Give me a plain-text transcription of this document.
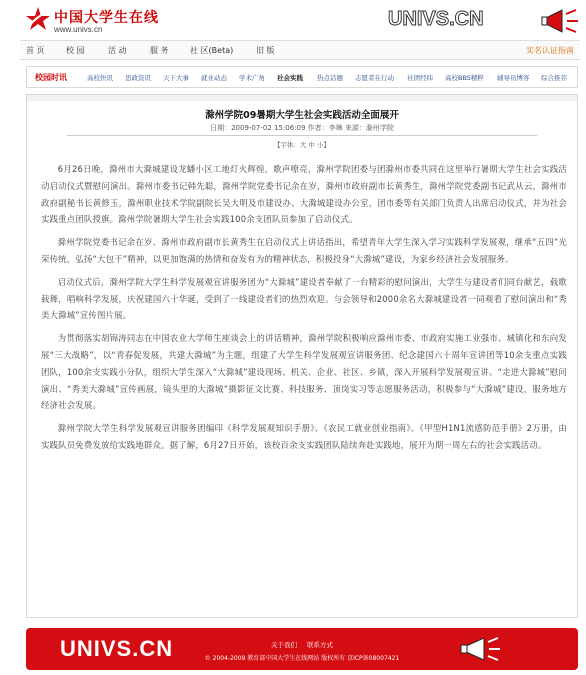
中国大学生在线
www.univs.cn	UNIVS.CN
首 页	校 园	活 动	服 务	社 区(Beta)	旧 版	实名认证指南
校园时讯	高校快讯 思政资讯 天下大事 就业动态 学术广角 社会实践 热点话题 志愿者在行动 社团经纬 高校BBS精粹 辅导员博客 综合推荐
滁州学院09暑期大学生社会实践活动全面展开
日期：2009-07-02 15:06:09 作者：李琳 来源：滁州学院
【字体：大 中 小】

6月26日晚，滁州市大滁城建设龙蟠小区工地灯火辉煌，歌声嘹亮，滁州学院团委与团滁州市委共同在这里举行暑期大学生社会实践活动启动仪式暨慰问演出。滁州市委书记韩先聪，滁州学院党委书记余在岁，滁州市政府副市长黄秀生，滁州学院党委副书记武从云，滁州市政府副秘书长黄修玉，滁州职业技术学院副院长吴大明及市建设办、大滁城建设办公室，团市委等有关部门负责人出席启动仪式，并为社会实践重点团队授旗。滁州学院暑期大学生社会实践100余支团队员参加了启动仪式。

滁州学院党委书记余在岁、滁州市政府副市长黄秀生在启动仪式上讲话指出，希望青年大学生深入学习实践科学发展观，继承“五四”光荣传统，弘扬“大包干”精神，以更加饱满的热情和奋发有为的精神状态，积极投身“大滁城”建设，为家乡经济社会发展服务。

启动仪式后，滁州学院大学生科学发展观宣讲服务团为“大滁城”建设者奉献了一台精彩的慰问演出，大学生与建设者们同台献艺，载歌载舞，唱响科学发展，庆祝建国六十华诞，受到了一线建设者们的热烈欢迎。与会领导和2000余名大滁城建设者一同观看了慰问演出和“秀美大滁城”宣传图片展。

为贯彻落实胡锦涛同志在中国农业大学师生座谈会上的讲话精神，滁州学院积极响应滁州市委、市政府实施工业强市、城镇化和东向发展“三大战略”，以“青春促发展，共建大滁城”为主题，组建了大学生科学发展观宣讲服务团、纪念建国六十周年宣讲团等10余支重点实践团队，100余支实践小分队，组织大学生深入“大滁城”建设现场、机关、企业、社区、乡镇，深入开展科学发展观宣讲、“走进大滁城”慰问演出、“秀美大滁城”宣传画展，镜头里的大滁城”摄影征文比赛、科技服务、顶岗实习等志愿服务活动，积极参与“大滁城”建设，服务地方经济社会发展。

滁州学院大学生科学发展观宣讲服务团编印《科学发展观知识手册》、《农民工就业创业指南》、《甲型H1N1流感防范手册》2万册，由实践队员免费发放给实践地群众。据了解，6月27日开始，该校百余支实践团队陆续奔赴实践地，展开为期一周左右的社会实践活动。

UNIVS.CN	关于我们 联系方式
© 2004-2009 教育部中国大学生在线网站 版权所有 京ICP备08007421
